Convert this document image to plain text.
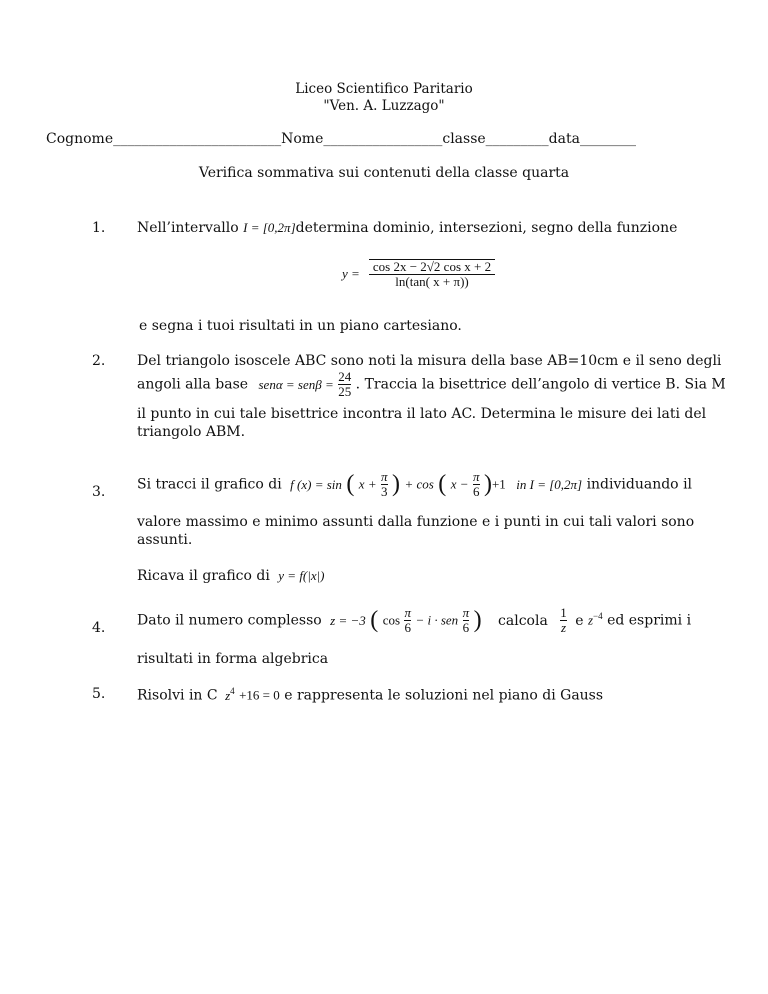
Liceo Scientifico Paritario
"Ven. A. Luzzago"
Cognome________________________Nome_________________classe_________data________
Verifica sommativa sui contenuti della classe quarta
1. Nell’intervallo I = [0,2π]determina dominio, intersezioni, segno della funzione
$y = \frac{\text{cos 2x − 2√2 cos x + 2}}{\ln(\tan( x + \pi))}$
e segna i tuoi risultati in un piano cartesiano.
2. Del triangolo isoscele ABC sono noti la misura della base AB=10cm e il seno degli
angoli alla base $sen\alpha = sen\beta = \frac{24}{25}$ . Traccia la bisettrice dell’angolo di vertice B. Sia M
il punto in cui tale bisettrice incontra il lato AC. Determina le misure dei lati del
triangolo ABM.
3. Si tracci il grafico di f (x) = sin ( $x + \frac{\pi}{3}$ ) + cos ( $x - \frac{\pi}{6} )+1$ in I = [0,2π] individuando il
valore massimo e minimo assunti dalla funzione e i punti in cui tali valori sono
assunti.
Ricava il grafico di y = f(|x|)
4. Dato il numero complesso z = −3 ( $\cos \frac{\pi}{6} - i$ · sen $\frac{\pi}{6}$ ) calcola $\frac{1}{z}$ e $z^{-4}$ ed esprimi i
risultati in forma algebrica
5. Risolvi in C $z^4 +16 = 0$ e rappresenta le soluzioni nel piano di Gauss
